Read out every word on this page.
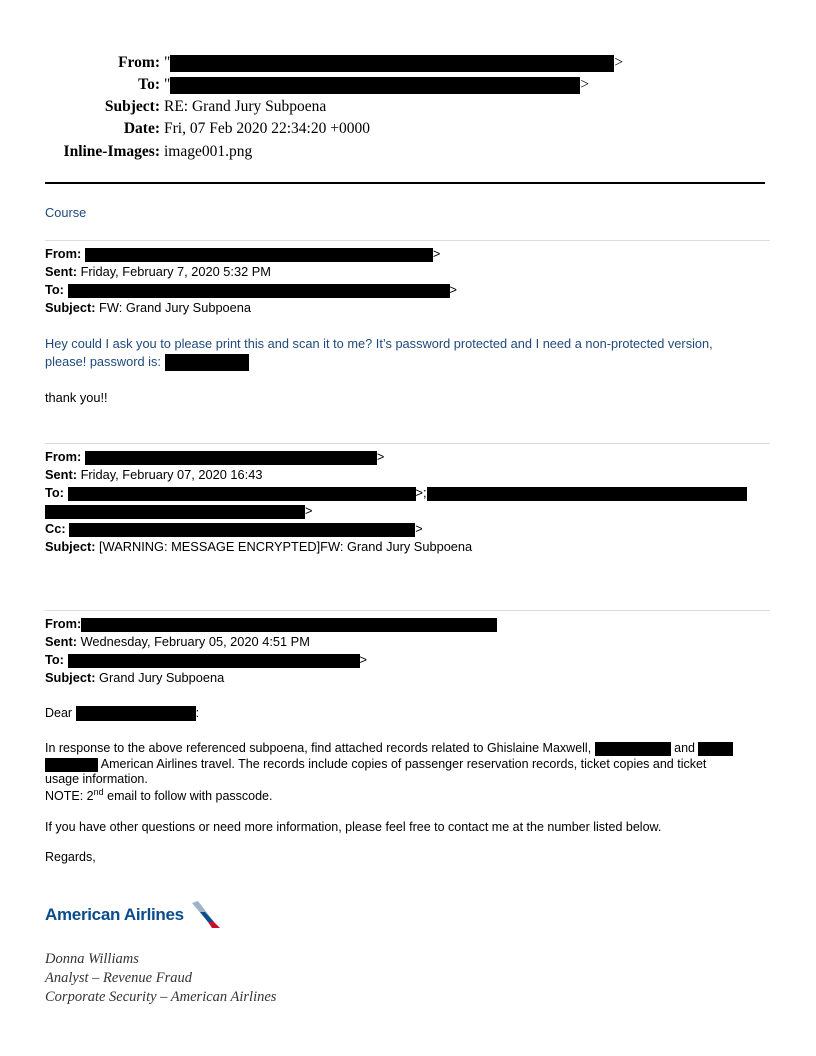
From: "	>
To: "	>
Subject: RE: Grand Jury Subpoena
Date: Fri, 07 Feb 2020 22:34:20 +0000
Inline-Images: image001.png
Course
From:	>
Sent: Friday, February 7, 2020 5:32 PM
To:	>
Subject: FW: Grand Jury Subpoena
Hey could I ask you to please print this and scan it to me? It’s password protected and I need a non-protected version,
please! password is:
thank you!!
From:	>
Sent: Friday, February 07, 2020 16:43
To:	>;
>
Cc:	>
Subject: [WARNING: MESSAGE ENCRYPTED]FW: Grand Jury Subpoena
From:
Sent: Wednesday, February 05, 2020 4:51 PM
To:	>
Subject: Grand Jury Subpoena
Dear	:
In response to the above referenced subpoena, find attached records related to Ghislaine Maxwell,	and
American Airlines travel. The records include copies of passenger reservation records, ticket copies and ticket
usage information.
NOTE: 2nd email to follow with passcode.
If you have other questions or need more information, please feel free to contact me at the number listed below.
Regards,
American Airlines
Donna Williams
Analyst – Revenue Fraud
Corporate Security – American Airlines
